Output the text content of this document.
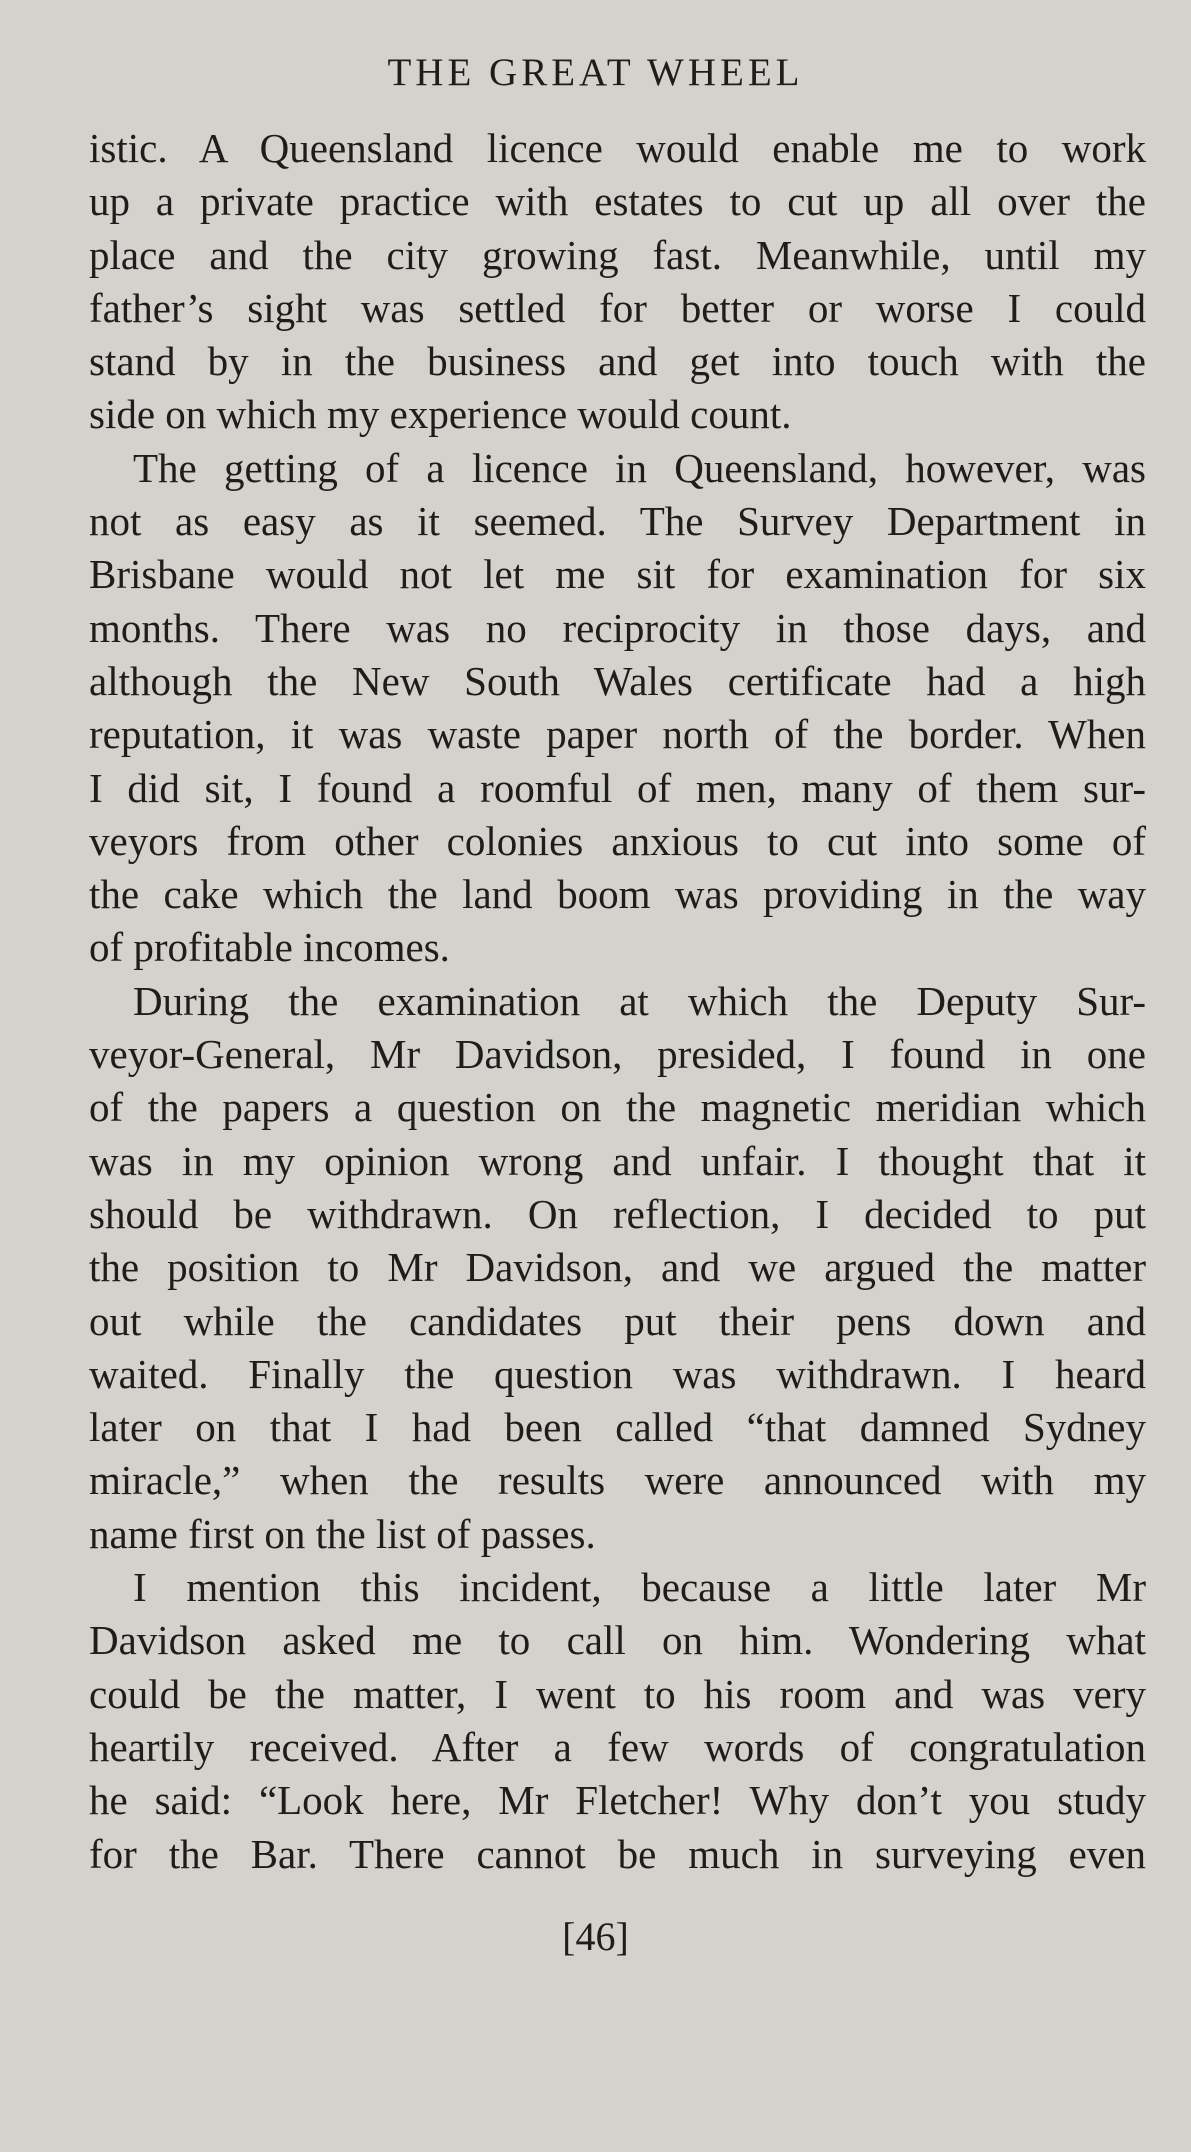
THE GREAT WHEEL
istic. A Queensland licence would enable me to work
up a private practice with estates to cut up all over the
place and the city growing fast. Meanwhile, until my
father’s sight was settled for better or worse I could
stand by in the business and get into touch with the
side on which my experience would count.
The getting of a licence in Queensland, however, was
not as easy as it seemed. The Survey Department in
Brisbane would not let me sit for examination for six
months. There was no reciprocity in those days, and
although the New South Wales certificate had a high
reputation, it was waste paper north of the border. When
I did sit, I found a roomful of men, many of them sur-
veyors from other colonies anxious to cut into some of
the cake which the land boom was providing in the way
of profitable incomes.
During the examination at which the Deputy Sur-
veyor-General, Mr Davidson, presided, I found in one
of the papers a question on the magnetic meridian which
was in my opinion wrong and unfair. I thought that it
should be withdrawn. On reflection, I decided to put
the position to Mr Davidson, and we argued the matter
out while the candidates put their pens down and
waited. Finally the question was withdrawn. I heard
later on that I had been called “that damned Sydney
miracle,” when the results were announced with my
name first on the list of passes.
I mention this incident, because a little later Mr
Davidson asked me to call on him. Wondering what
could be the matter, I went to his room and was very
heartily received. After a few words of congratulation
he said: “Look here, Mr Fletcher! Why don’t you study
for the Bar. There cannot be much in surveying even
[46]
